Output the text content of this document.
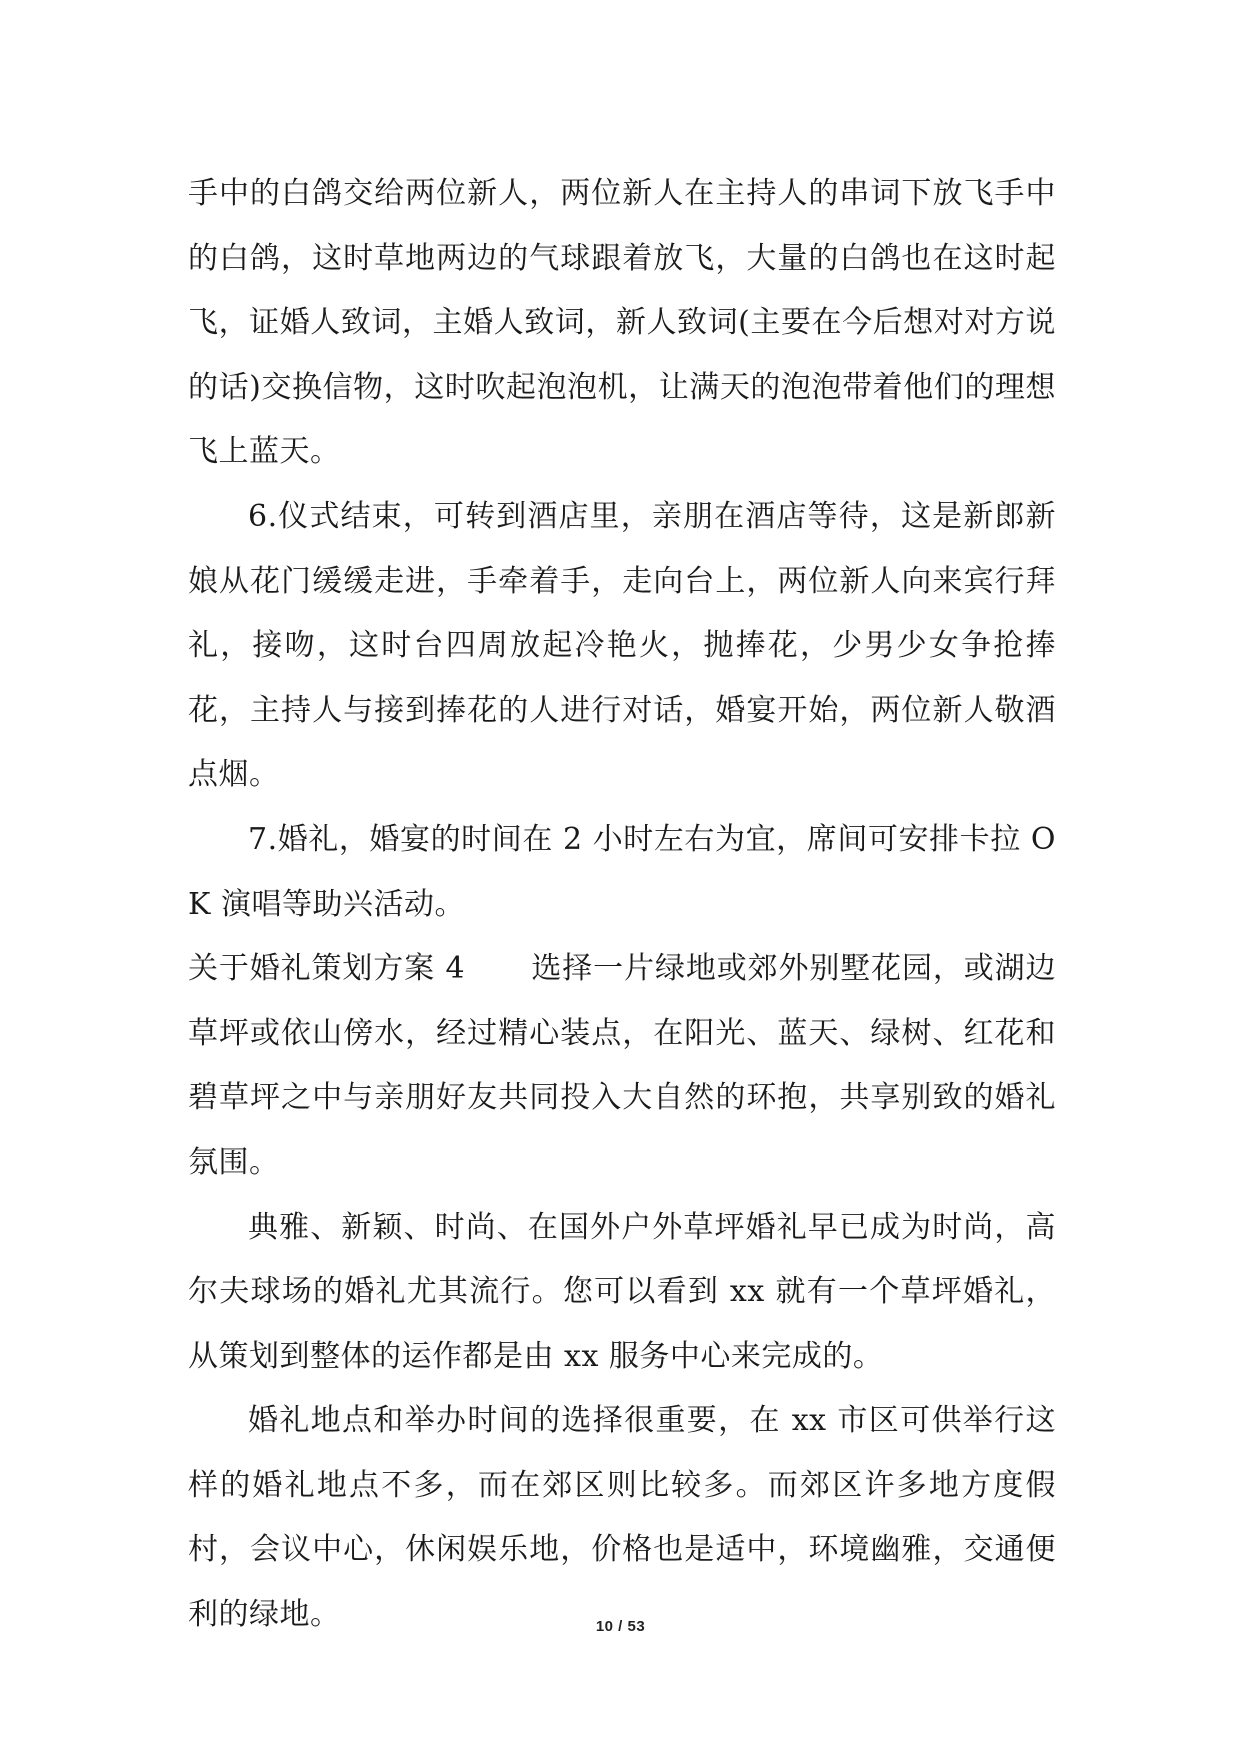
手中的白鸽交给两位新人，两位新人在主持人的串词下放飞手中的白鸽，这时草地两边的气球跟着放飞，大量的白鸽也在这时起飞，证婚人致词，主婚人致词，新人致词(主要在今后想对对方说的话)交换信物，这时吹起泡泡机，让满天的泡泡带着他们的理想飞上蓝天。

6.仪式结束，可转到酒店里，亲朋在酒店等待，这是新郎新娘从花门缓缓走进，手牵着手，走向台上，两位新人向来宾行拜礼，接吻，这时台四周放起冷艳火，抛捧花，少男少女争抢捧花，主持人与接到捧花的人进行对话，婚宴开始，两位新人敬酒点烟。

7.婚礼，婚宴的时间在 2 小时左右为宜，席间可安排卡拉 OK 演唱等助兴活动。

关于婚礼策划方案 4 选择一片绿地或郊外别墅花园，或湖边草坪或依山傍水，经过精心装点，在阳光、蓝天、绿树、红花和碧草坪之中与亲朋好友共同投入大自然的环抱，共享别致的婚礼氛围。

典雅、新颖、时尚、在国外户外草坪婚礼早已成为时尚，高尔夫球场的婚礼尤其流行。您可以看到 xx 就有一个草坪婚礼，从策划到整体的运作都是由 xx 服务中心来完成的。

婚礼地点和举办时间的选择很重要，在 xx 市区可供举行这样的婚礼地点不多，而在郊区则比较多。而郊区许多地方度假村，会议中心，休闲娱乐地，价格也是适中，环境幽雅，交通便利的绿地。	10 / 53
